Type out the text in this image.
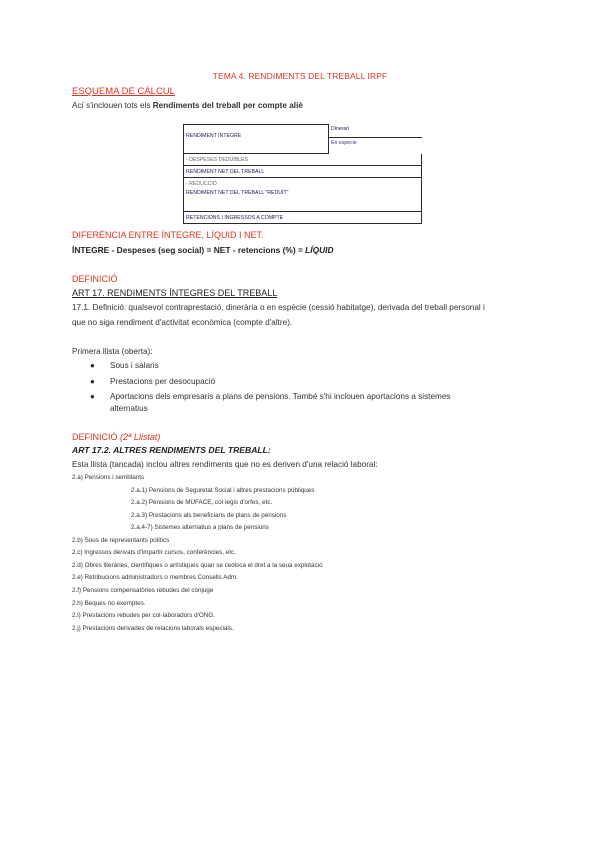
TEMA 4. RENDIMENTS DEL TREBALL IRPF
ESQUEMA DE CÀLCUL
Ací s'inclouen tots els Rendiments del treball per compte aliè
RENDIMENT ÍNTEGRE

Dinerari
En espècie

- DESPESES DEDUÏBLES
RENDIMENT NET DEL TREBALL
- REDUCCIÓ
RENDIMENT NET DEL TREBALL "REDUÏT"
RETENCIONS I INGRESSOS A COMPTE
DIFERÈNCIA ENTRE ÍNTEGRE, LÍQUID I NET.
ÍNTEGRE - Despeses (seg social) = NET - retencions (%) = LÍQUID
DEFINICIÓ
ART 17. RENDIMENTS ÍNTEGRES DEL TREBALL
17.1. Definició: qualsevol contraprestació, dinerària o en espècie (cessió habitatge), derivada del treball personal i
que no siga rendiment d'activitat econòmica (compte d'altre).
Primera llista (oberta):
● Sous i salaris
● Prestacions per desocupació
● Aportacions dels empresaris a plans de pensions. També s'hi inclouen aportacions a sistemes
alternatius
DEFINICIÓ (2ª Llistat)
ART 17.2. ALTRES RENDIMENTS DEL TREBALL:
Esta llista (tancada) inclou altres rendiments que no es deriven d'una relació laboral:
2.a) Pensions i semblants
2.a.1) Pensions de Seguretat Social i altres prestacions públiques
2.a.2) Pensions de MUFACE, col·legis d'orfes, etc.
2.a.3) Prestacions als beneficiaris de plans de pensions
2.a.4-7) Sistemes alternatius a plans de pensions
2.b) Sous de representants polítics
2.c) Ingressos derivats d'impartir cursos, conferències, etc.
2.d) Obres literàries, científiques o artístiques quan se cedisca el dret a la seua explotació
2.e) Retribucions administradors o membres Consells Adm.
2.f) Pensions compensatòries rebudes del cònjuge
2.h) Beques no exemptes.
2.i) Prestacions rebudes per col·laboradors d'ONG.
2.j) Prestacions derivades de relacions laborals especials.
